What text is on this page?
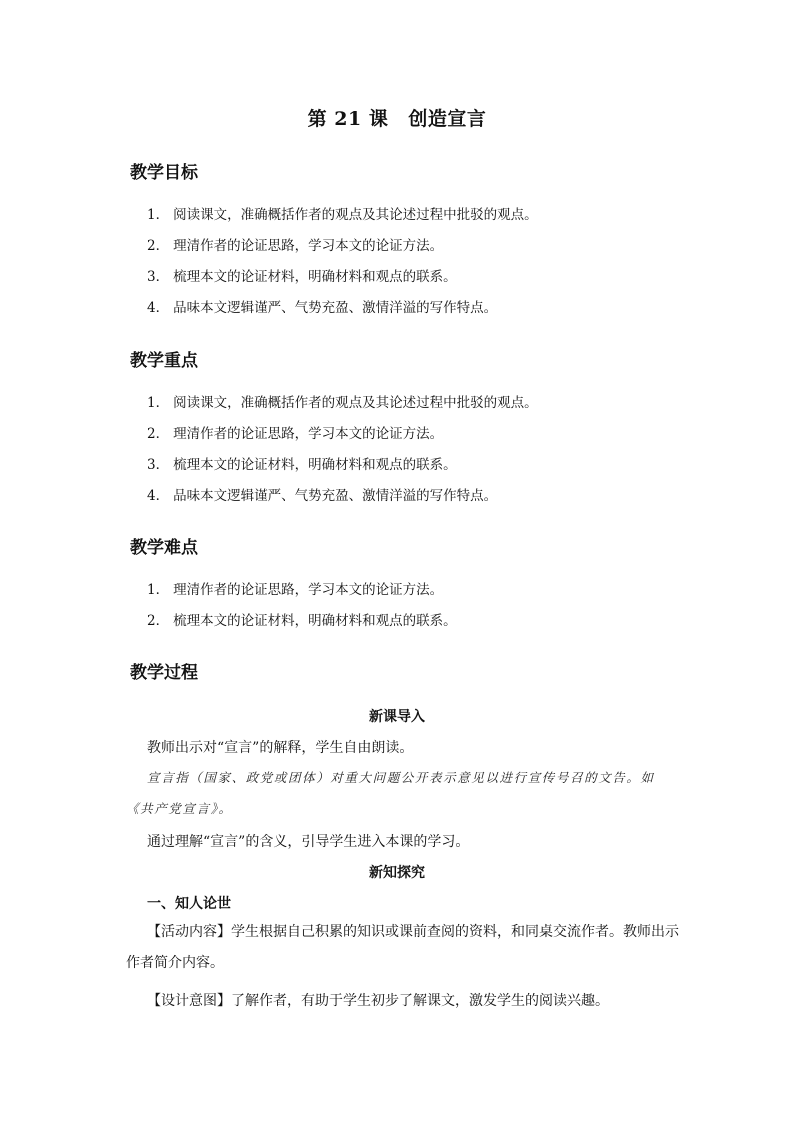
第 21 课 创造宣言
教学目标
1． 阅读课文，准确概括作者的观点及其论述过程中批驳的观点。
2． 理清作者的论证思路，学习本文的论证方法。
3． 梳理本文的论证材料，明确材料和观点的联系。
4． 品味本文逻辑谨严、气势充盈、激情洋溢的写作特点。
教学重点
1． 阅读课文，准确概括作者的观点及其论述过程中批驳的观点。
2． 理清作者的论证思路，学习本文的论证方法。
3． 梳理本文的论证材料，明确材料和观点的联系。
4． 品味本文逻辑谨严、气势充盈、激情洋溢的写作特点。
教学难点
1． 理清作者的论证思路，学习本文的论证方法。
2． 梳理本文的论证材料，明确材料和观点的联系。
教学过程
新课导入
教师出示对“宣言”的解释，学生自由朗读。
宣言指（国家、政党或团体）对重大问题公开表示意见以进行宣传号召的文告。如《共产党宣言》。
通过理解“宣言”的含义，引导学生进入本课的学习。
新知探究
一、知人论世
【活动内容】学生根据自己积累的知识或课前查阅的资料，和同桌交流作者。教师出示作者简介内容。
【设计意图】了解作者，有助于学生初步了解课文，激发学生的阅读兴趣。
